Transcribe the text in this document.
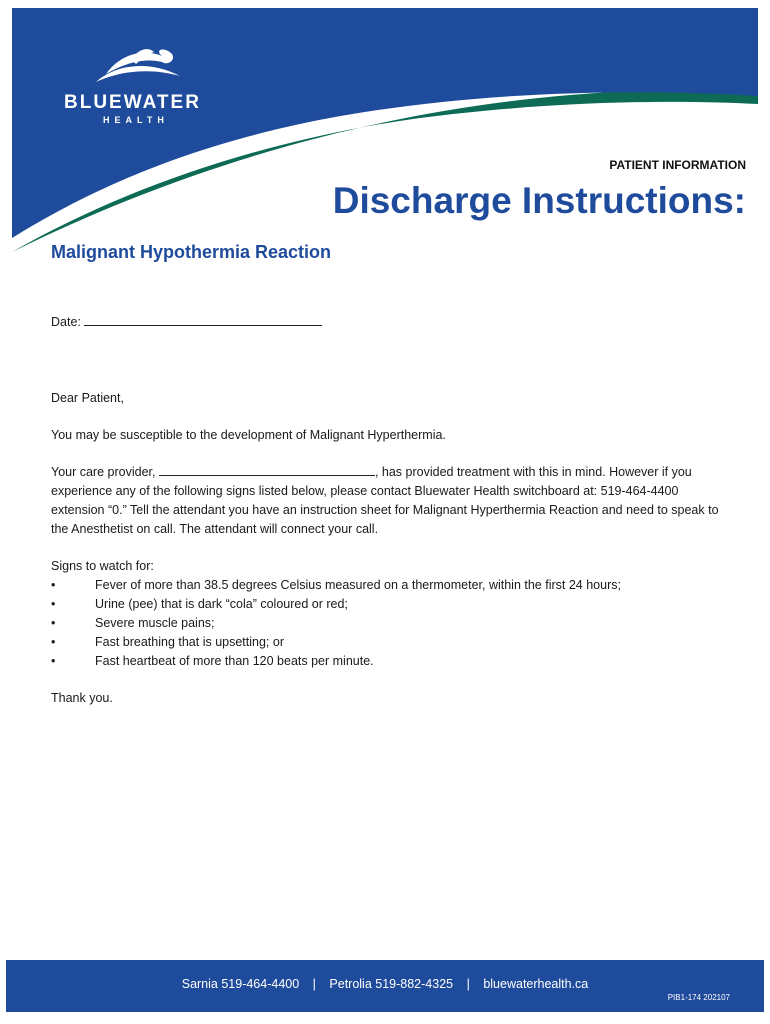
BLUEWATER
HEALTH
PATIENT INFORMATION
Discharge Instructions:
Malignant Hypothermia Reaction
Date:

Dear Patient,

You may be susceptible to the development of Malignant Hyperthermia.

Your care provider,	, has provided treatment with this in mind. However if you experience any of the following signs listed below, please contact Bluewater Health switchboard at: 519-464-4400 extension “0.” Tell the attendant you have an instruction sheet for Malignant Hyperthermia Reaction and need to speak to the Anesthetist on call. The attendant will connect your call.

Signs to watch for:
•	Fever of more than 38.5 degrees Celsius measured on a thermometer, within the first 24 hours;
•	Urine (pee) that is dark “cola” coloured or red;
•	Severe muscle pains;
•	Fast breathing that is upsetting; or
•	Fast heartbeat of more than 120 beats per minute.

Thank you.

Sarnia 519-464-4400 | Petrolia 519-882-4325 | bluewaterhealth.ca
PIB1-174 202107
